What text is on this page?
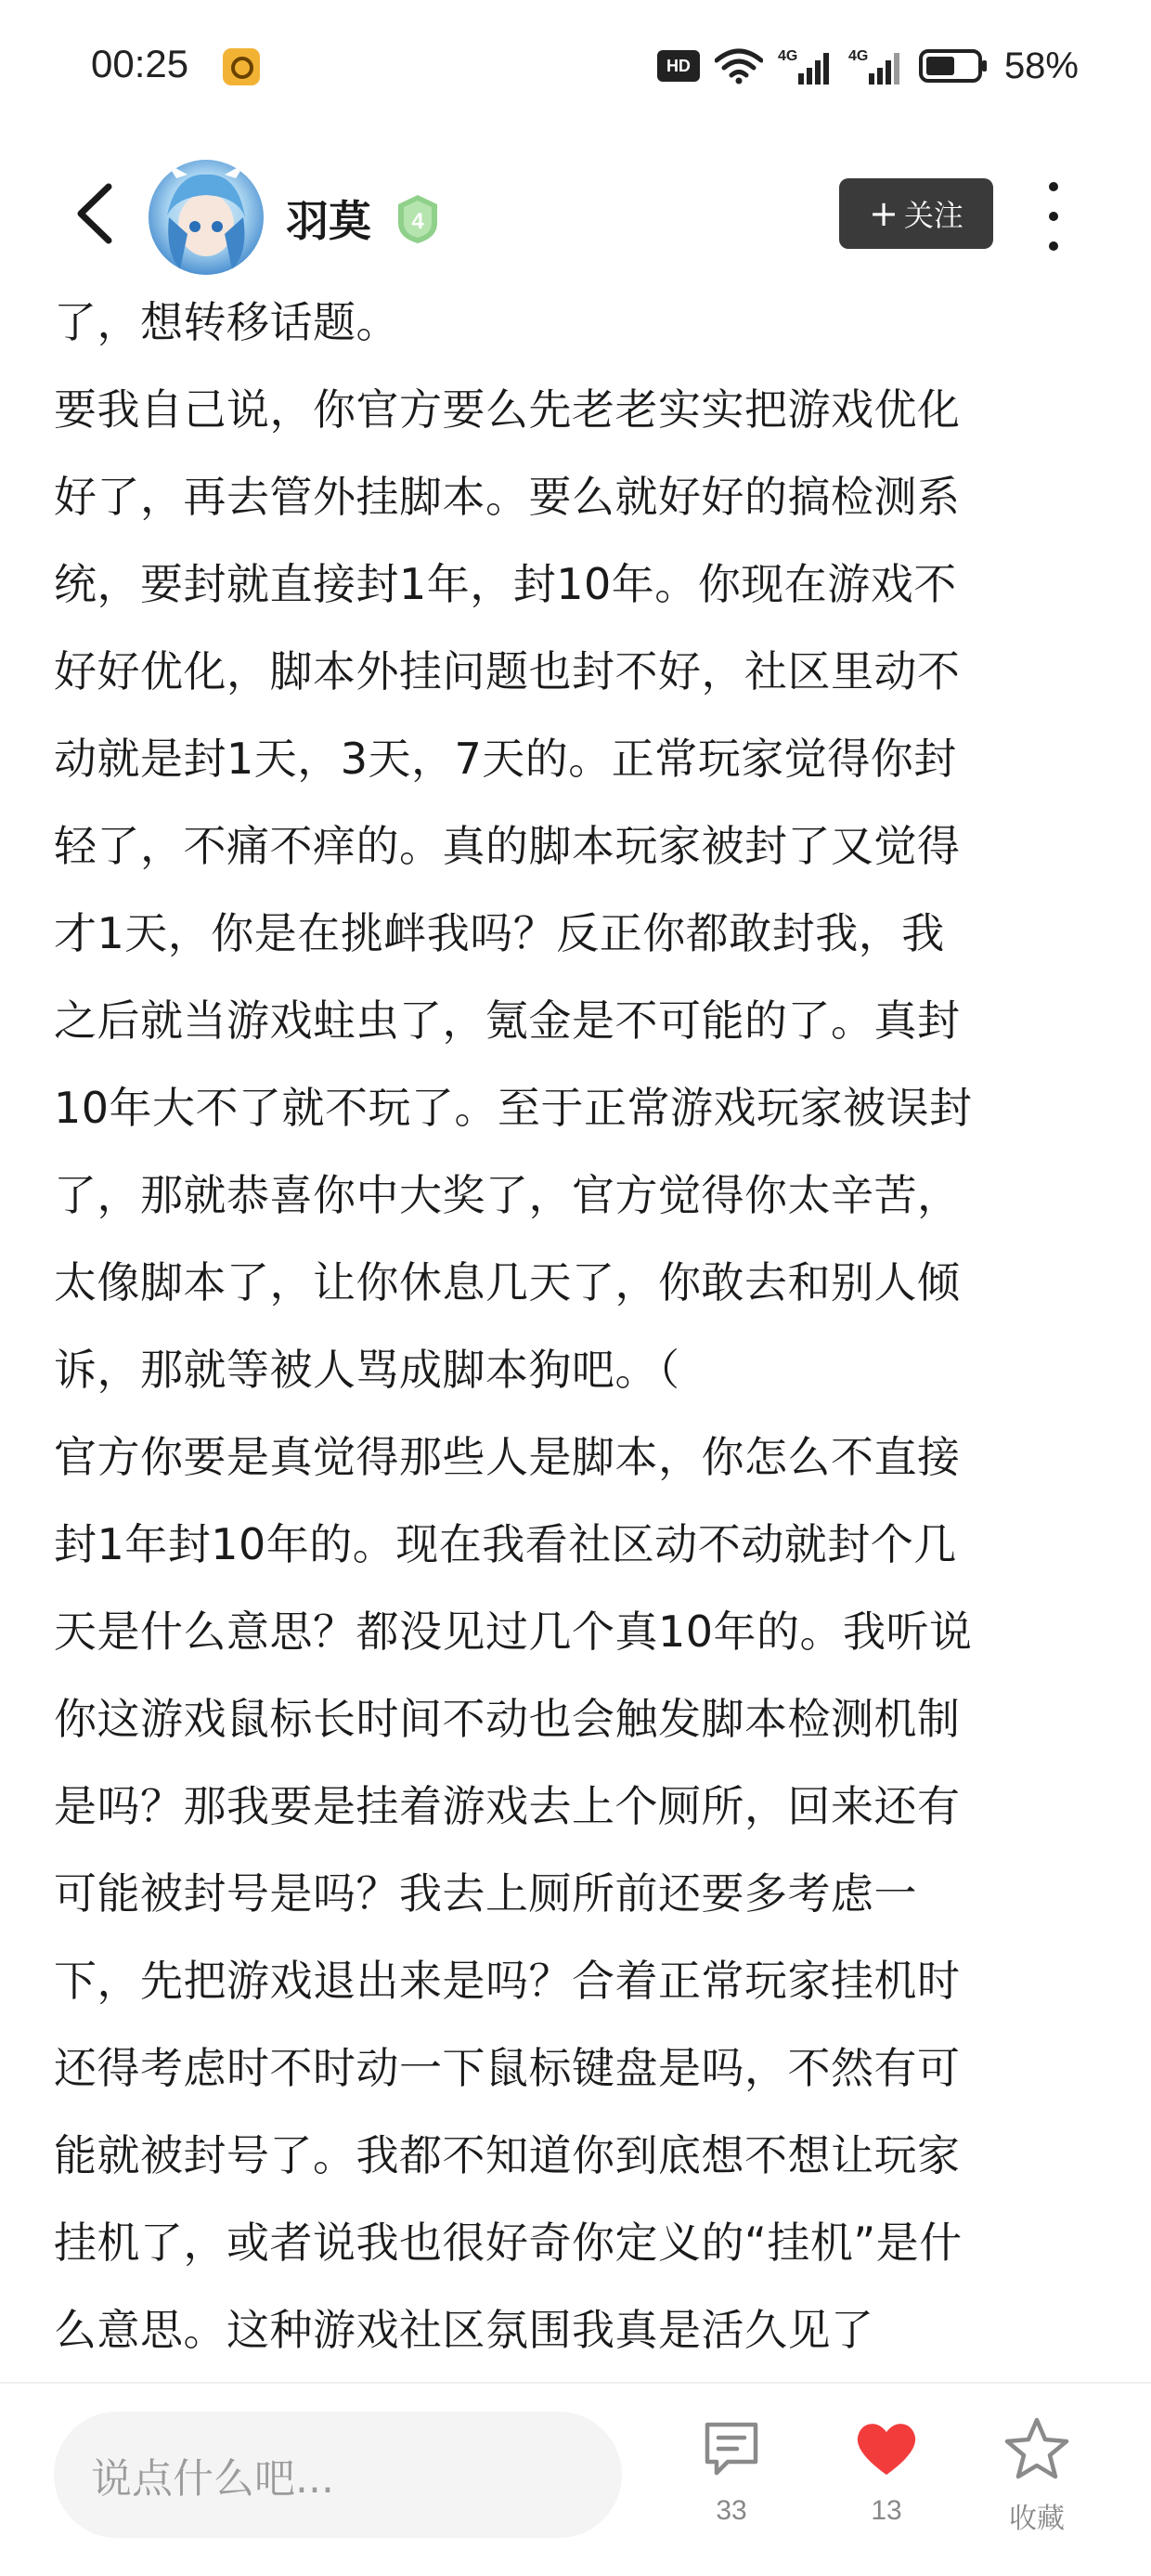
00:25	HD	4G	4G	58%
羽莫 4	+ 关注
了，想转移话题。
要我自己说，你官方要么先老老实实把游戏优化
好了，再去管外挂脚本。要么就好好的搞检测系
统，要封就直接封1年，封10年。你现在游戏不
好好优化，脚本外挂问题也封不好，社区里动不
动就是封1天，3天，7天的。正常玩家觉得你封
轻了，不痛不痒的。真的脚本玩家被封了又觉得
才1天，你是在挑衅我吗？反正你都敢封我，我
之后就当游戏蛀虫了，氪金是不可能的了。真封
10年大不了就不玩了。至于正常游戏玩家被误封
了，那就恭喜你中大奖了，官方觉得你太辛苦，
太像脚本了，让你休息几天了，你敢去和别人倾
诉，那就等被人骂成脚本狗吧。（
官方你要是真觉得那些人是脚本，你怎么不直接
封1年封10年的。现在我看社区动不动就封个几
天是什么意思？都没见过几个真10年的。我听说
你这游戏鼠标长时间不动也会触发脚本检测机制
是吗？那我要是挂着游戏去上个厕所，回来还有
可能被封号是吗？我去上厕所前还要多考虑一
下，先把游戏退出来是吗？合着正常玩家挂机时
还得考虑时不时动一下鼠标键盘是吗，不然有可
能就被封号了。我都不知道你到底想不想让玩家
挂机了，或者说我也很好奇你定义的“挂机”是什
么意思。这种游戏社区氛围我真是活久见了
说点什么吧...
33	13	收藏
